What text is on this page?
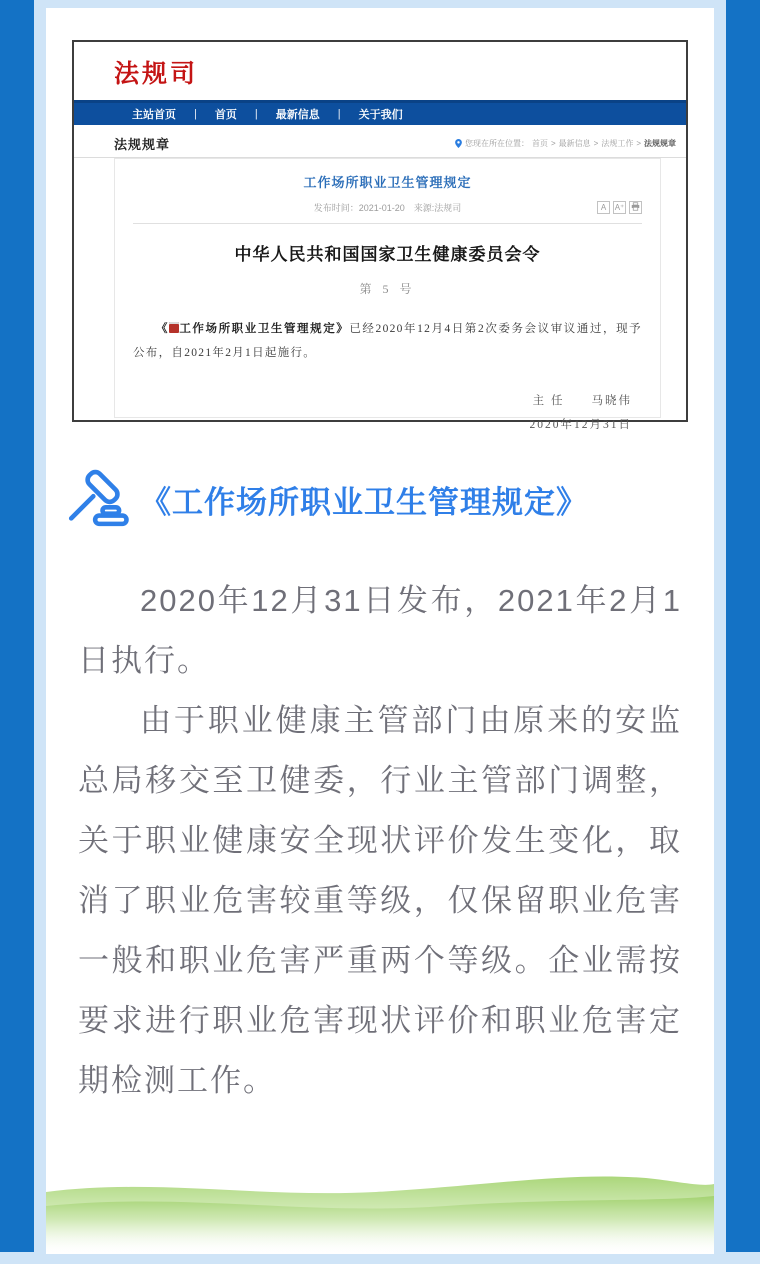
法规司
主站首页	|	首页	|	最新信息	|	关于我们
法规规章	您现在所在位置： 首页 > 最新信息 > 法规工作 > 法规规章
工作场所职业卫生管理规定
发布时间：2021-01-20　来源:法规司	A	A⁺
中华人民共和国国家卫生健康委员会令
第 5 号

《 工作场所职业卫生管理规定》已经2020年12月4日第2次委务会议审议通过，现予公布，自2021年2月1日起施行。

主 任　　马晓伟
2020年12月31日
《工作场所职业卫生管理规定》

2020年12月31日发布，2021年2月1日执行。

由于职业健康主管部门由原来的安监总局移交至卫健委，行业主管部门调整，关于职业健康安全现状评价发生变化，取消了职业危害较重等级，仅保留职业危害一般和职业危害严重两个等级。企业需按要求进行职业危害现状评价和职业危害定期检测工作。
